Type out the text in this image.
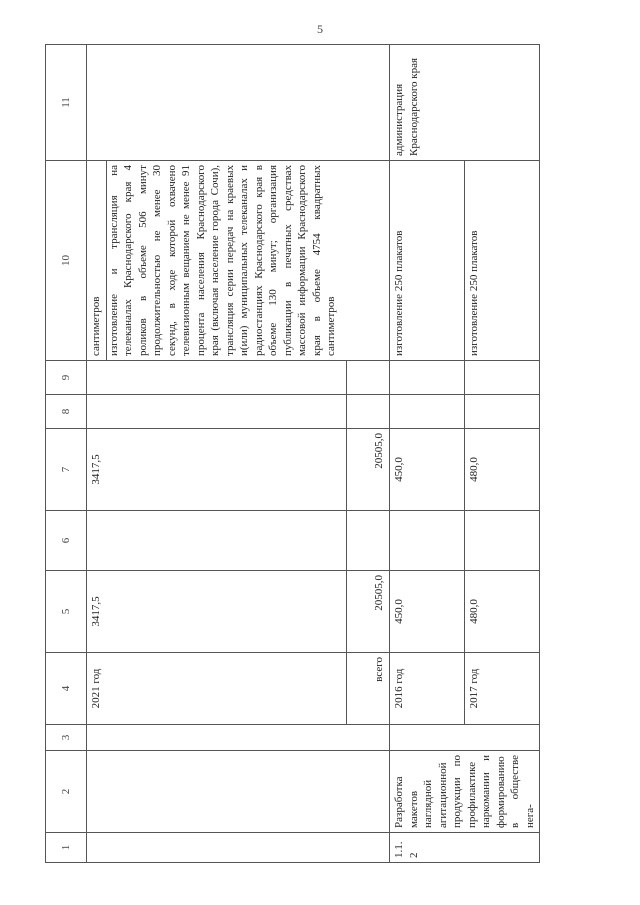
5
1	2	3	4	5	6	7	8	9	10	11
			2021 год	3417,5		3417,5			сантиметров изготовление и трансляция на телеканалах Краснодарского края 4 роликов в объеме 506 минут продолжительностью не менее 30 секунд, в ходе которой охвачено телевизионным вещанием не менее 91 процента населения Краснодарского края (включая население города Сочи), трансляция серии передач на краевых и(или) муниципальных телеканалах и радиостанциях Краснодарского края в объеме 130 минут; организация публикации в печатных средствах массовой информации Краснодарского края в объеме 4754 квадратных сантиметров	

			всего	20505,0		20505,0				
1.1.2	Разработка макетов наглядной агитационной продукции по профилактике наркомании и формированию в обществе нега-		2016 год	450,0		450,0			изготовление 250 плакатов	администрация Краснодарского края
			2017 год	480,0		480,0			изготовление 250 плакатов	
